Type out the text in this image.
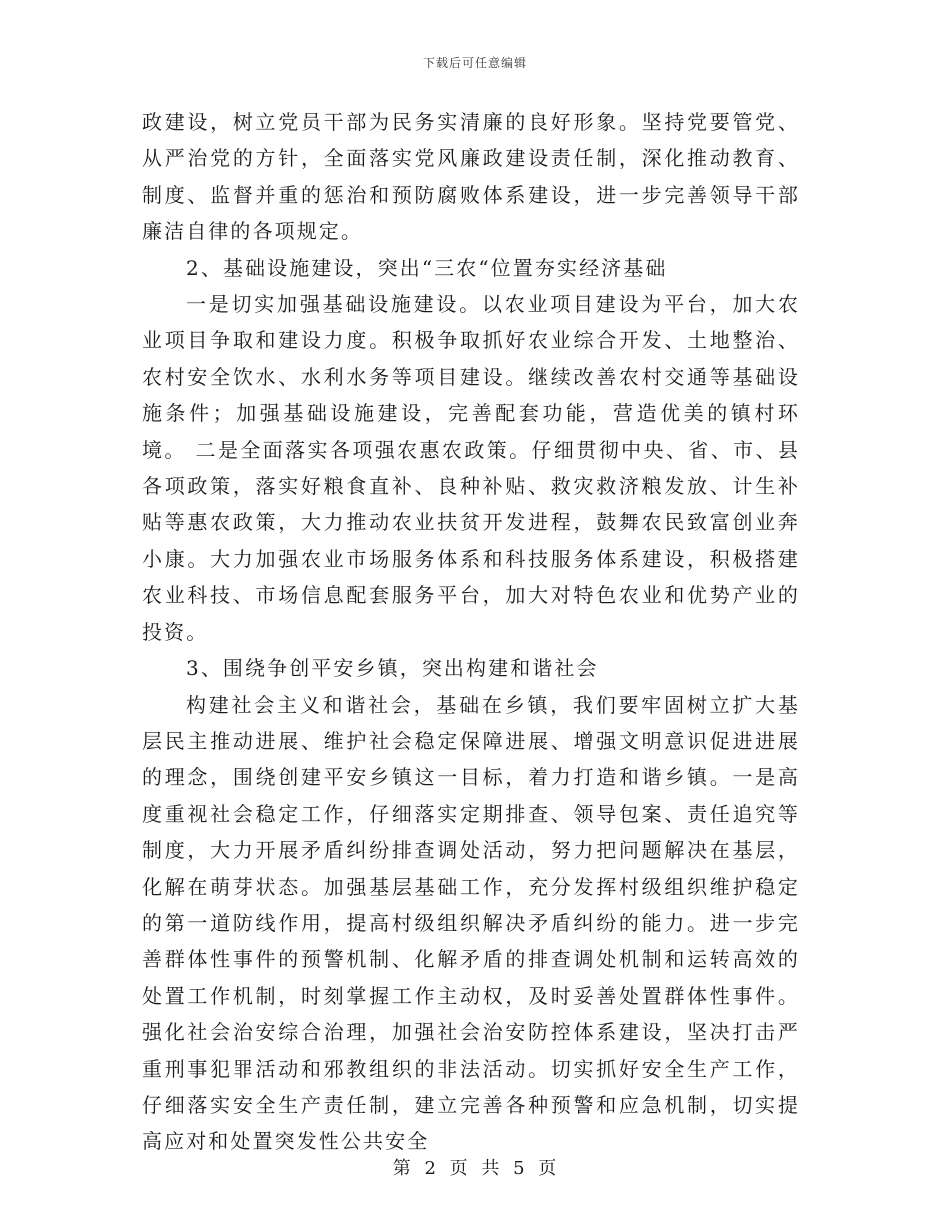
下载后可任意编辑

政建设，树立党员干部为民务实清廉的良好形象。坚持党要管党、从严治党的方针，全面落实党风廉政建设责任制，深化推动教育、制度、监督并重的惩治和预防腐败体系建设，进一步完善领导干部廉洁自律的各项规定。

2、基础设施建设，突出“三农“位置夯实经济基础

一是切实加强基础设施建设。以农业项目建设为平台，加大农业项目争取和建设力度。积极争取抓好农业综合开发、土地整治、农村安全饮水、水利水务等项目建设。继续改善农村交通等基础设施条件；加强基础设施建设，完善配套功能，营造优美的镇村环境。 二是全面落实各项强农惠农政策。仔细贯彻中央、省、市、县各项政策，落实好粮食直补、良种补贴、救灾救济粮发放、计生补贴等惠农政策，大力推动农业扶贫开发进程，鼓舞农民致富创业奔小康。大力加强农业市场服务体系和科技服务体系建设，积极搭建农业科技、市场信息配套服务平台，加大对特色农业和优势产业的投资。

3、围绕争创平安乡镇，突出构建和谐社会

构建社会主义和谐社会，基础在乡镇，我们要牢固树立扩大基层民主推动进展、维护社会稳定保障进展、增强文明意识促进进展的理念，围绕创建平安乡镇这一目标，着力打造和谐乡镇。一是高度重视社会稳定工作，仔细落实定期排查、领导包案、责任追究等制度，大力开展矛盾纠纷排查调处活动，努力把问题解决在基层，化解在萌芽状态。加强基层基础工作，充分发挥村级组织维护稳定的第一道防线作用，提高村级组织解决矛盾纠纷的能力。进一步完善群体性事件的预警机制、化解矛盾的排查调处机制和运转高效的处置工作机制，时刻掌握工作主动权，及时妥善处置群体性事件。强化社会治安综合治理，加强社会治安防控体系建设，坚决打击严重刑事犯罪活动和邪教组织的非法活动。切实抓好安全生产工作，仔细落实安全生产责任制，建立完善各种预警和应急机制，切实提高应对和处置突发性公共安全

第 2 页 共 5 页
